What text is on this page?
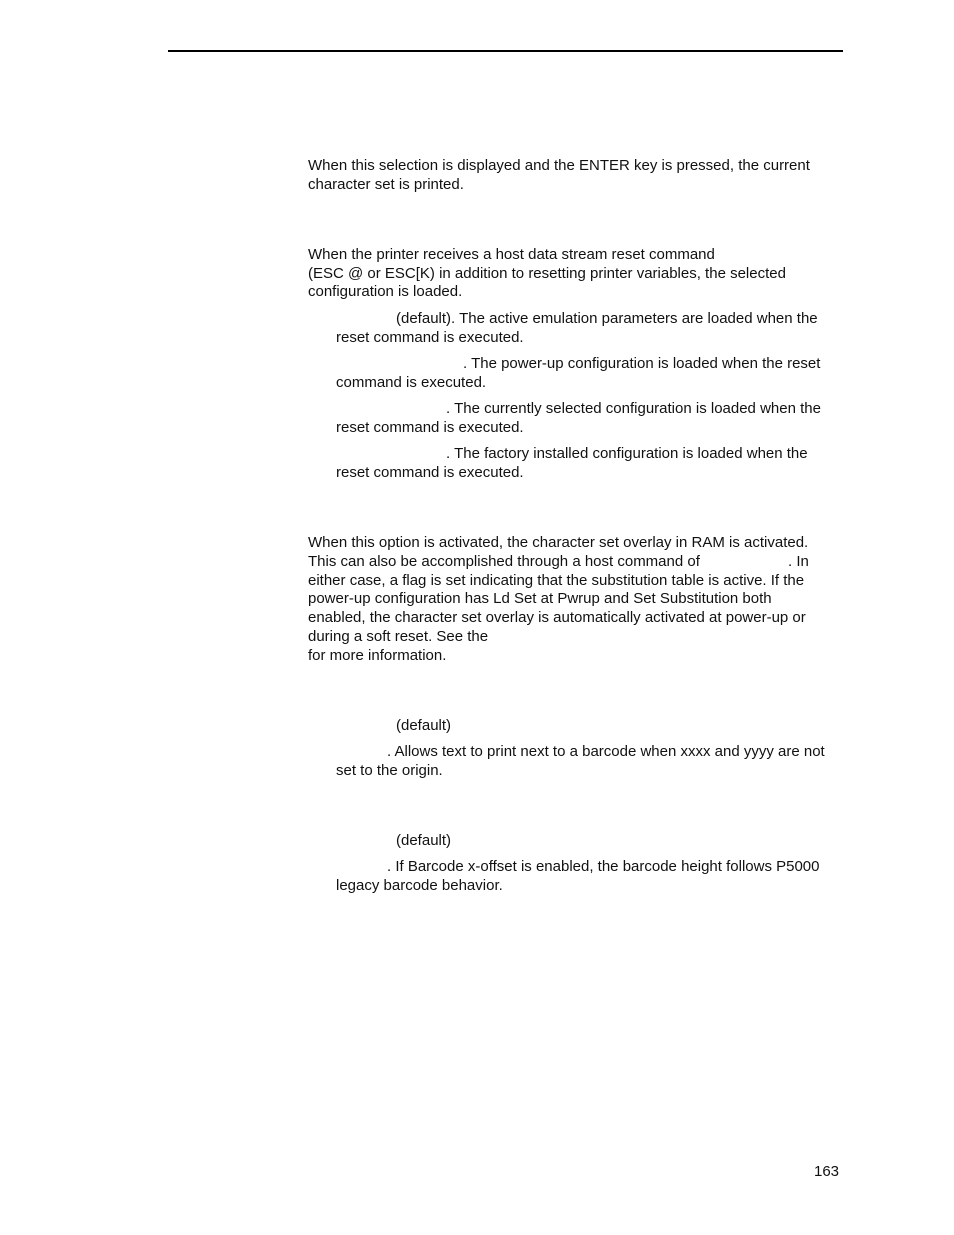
When this selection is displayed and the ENTER key is pressed, the current
character set is printed.
When the printer receives a host data stream reset command
(ESC @ or ESC[K) in addition to resetting printer variables, the selected
configuration is loaded.
(default). The active emulation parameters are loaded when the
reset command is executed.
. The power-up configuration is loaded when the reset
command is executed.
. The currently selected configuration is loaded when the
reset command is executed.
. The factory installed configuration is loaded when the
reset command is executed.
When this option is activated, the character set overlay in RAM is activated.
This can also be accomplished through a host command of	. In
either case, a flag is set indicating that the substitution table is active. If the
power-up configuration has Ld Set at Pwrup and Set Substitution both
enabled, the character set overlay is automatically activated at power-up or
during a soft reset. See the
for more information.
(default)
. Allows text to print next to a barcode when xxxx and yyyy are not
set to the origin.
(default)
. If Barcode x-offset is enabled, the barcode height follows P5000
legacy barcode behavior.
163
